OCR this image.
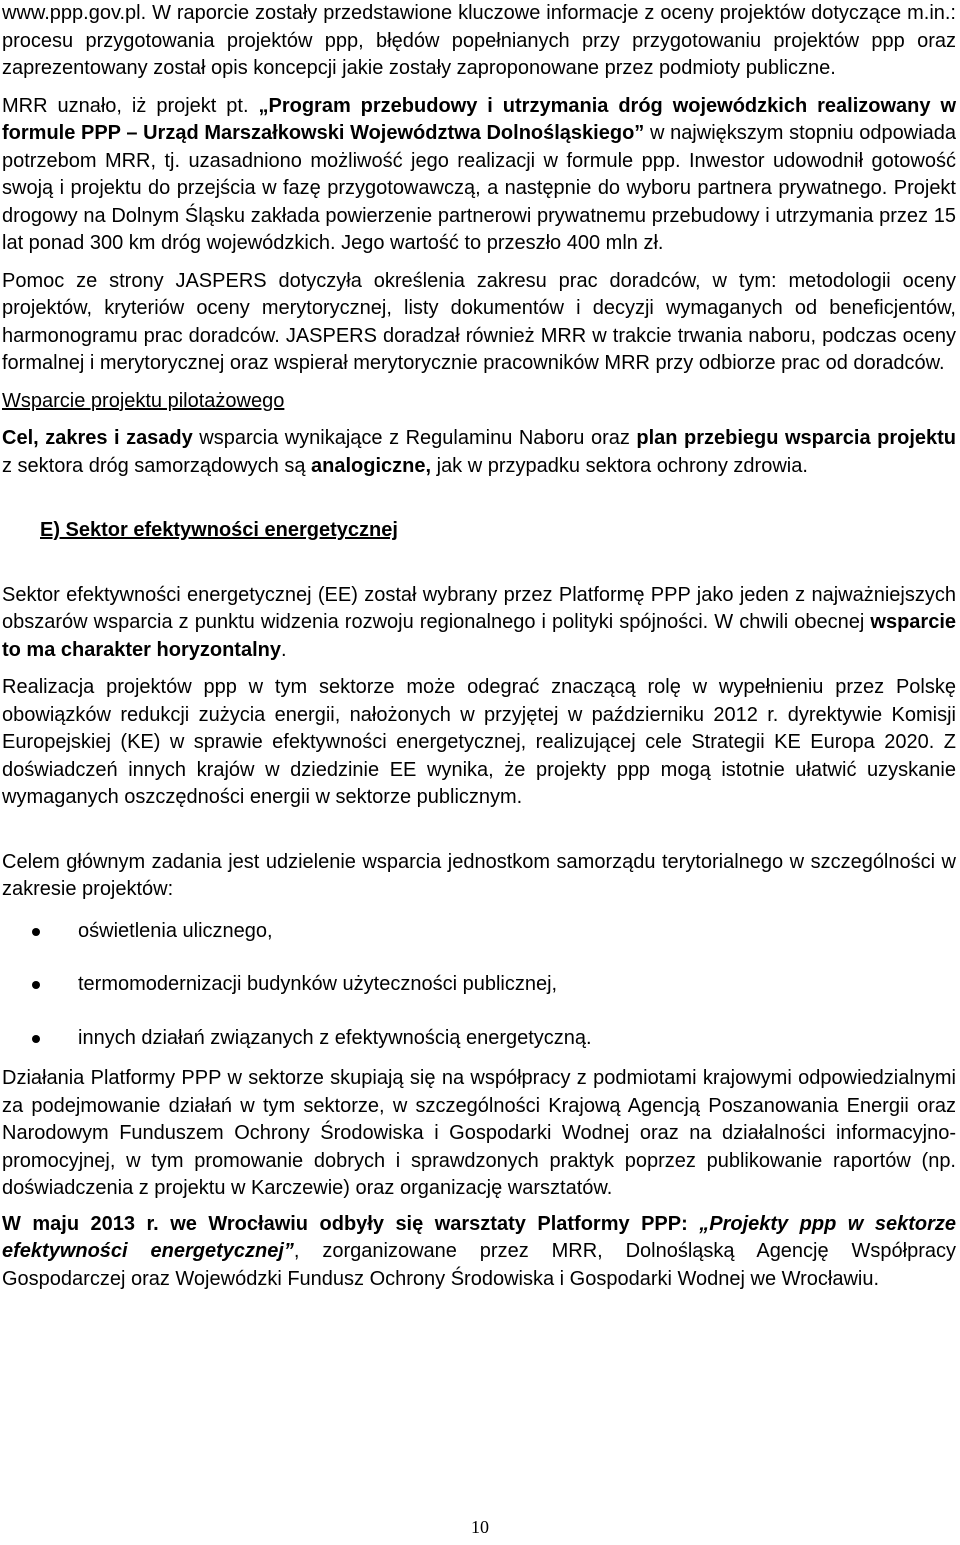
www.ppp.gov.pl. W raporcie zostały przedstawione kluczowe informacje z oceny projektów dotyczące m.in.: procesu przygotowania projektów ppp, błędów popełnianych przy przygotowaniu projektów ppp oraz zaprezentowany został opis koncepcji jakie zostały zaproponowane przez podmioty publiczne.

MRR uznało, iż projekt pt. „Program przebudowy i utrzymania dróg wojewódzkich realizowany w formule PPP – Urząd Marszałkowski Województwa Dolnośląskiego” w największym stopniu odpowiada potrzebom MRR, tj. uzasadniono możliwość jego realizacji w formule ppp. Inwestor udowodnił gotowość swoją i projektu do przejścia w fazę przygotowawczą, a następnie do wyboru partnera prywatnego. Projekt drogowy na Dolnym Śląsku zakłada powierzenie partnerowi prywatnemu przebudowy i utrzymania przez 15 lat ponad 300 km dróg wojewódzkich. Jego wartość to przeszło 400 mln zł.

Pomoc ze strony JASPERS dotyczyła określenia zakresu prac doradców, w tym: metodologii oceny projektów, kryteriów oceny merytorycznej, listy dokumentów i decyzji wymaganych od beneficjentów, harmonogramu prac doradców. JASPERS doradzał również MRR w trakcie trwania naboru, podczas oceny formalnej i merytorycznej oraz wspierał merytorycznie pracowników MRR przy odbiorze prac od doradców.

Wsparcie projektu pilotażowego

Cel, zakres i zasady wsparcia wynikające z Regulaminu Naboru oraz plan przebiegu wsparcia projektu z sektora dróg samorządowych są analogiczne, jak w przypadku sektora ochrony zdrowia.

E) Sektor efektywności energetycznej

Sektor efektywności energetycznej (EE) został wybrany przez Platformę PPP jako jeden z najważniejszych obszarów wsparcia z punktu widzenia rozwoju regionalnego i polityki spójności. W chwili obecnej wsparcie to ma charakter horyzontalny.

Realizacja projektów ppp w tym sektorze może odegrać znaczącą rolę w wypełnieniu przez Polskę obowiązków redukcji zużycia energii, nałożonych w przyjętej w październiku 2012 r. dyrektywie Komisji Europejskiej (KE) w sprawie efektywności energetycznej, realizującej cele Strategii KE Europa 2020. Z doświadczeń innych krajów w dziedzinie EE wynika, że projekty ppp mogą istotnie ułatwić uzyskanie wymaganych oszczędności energii w sektorze publicznym.

Celem głównym zadania jest udzielenie wsparcia jednostkom samorządu terytorialnego w szczególności w zakresie projektów:

oświetlenia ulicznego,
termomodernizacji budynków użyteczności publicznej,
innych działań związanych z efektywnością energetyczną.

Działania Platformy PPP w sektorze skupiają się na współpracy z podmiotami krajowymi odpowiedzialnymi za podejmowanie działań w tym sektorze, w szczególności Krajową Agencją Poszanowania Energii oraz Narodowym Funduszem Ochrony Środowiska i Gospodarki Wodnej oraz na działalności informacyjno-promocyjnej, w tym promowanie dobrych i sprawdzonych praktyk poprzez publikowanie raportów (np. doświadczenia z projektu w Karczewie) oraz organizację warsztatów.

W maju 2013 r. we Wrocławiu odbyły się warsztaty Platformy PPP: „Projekty ppp w sektorze efektywności energetycznej”, zorganizowane przez MRR, Dolnośląską Agencję Współpracy Gospodarczej oraz Wojewódzki Fundusz Ochrony Środowiska i Gospodarki Wodnej we Wrocławiu.

10
